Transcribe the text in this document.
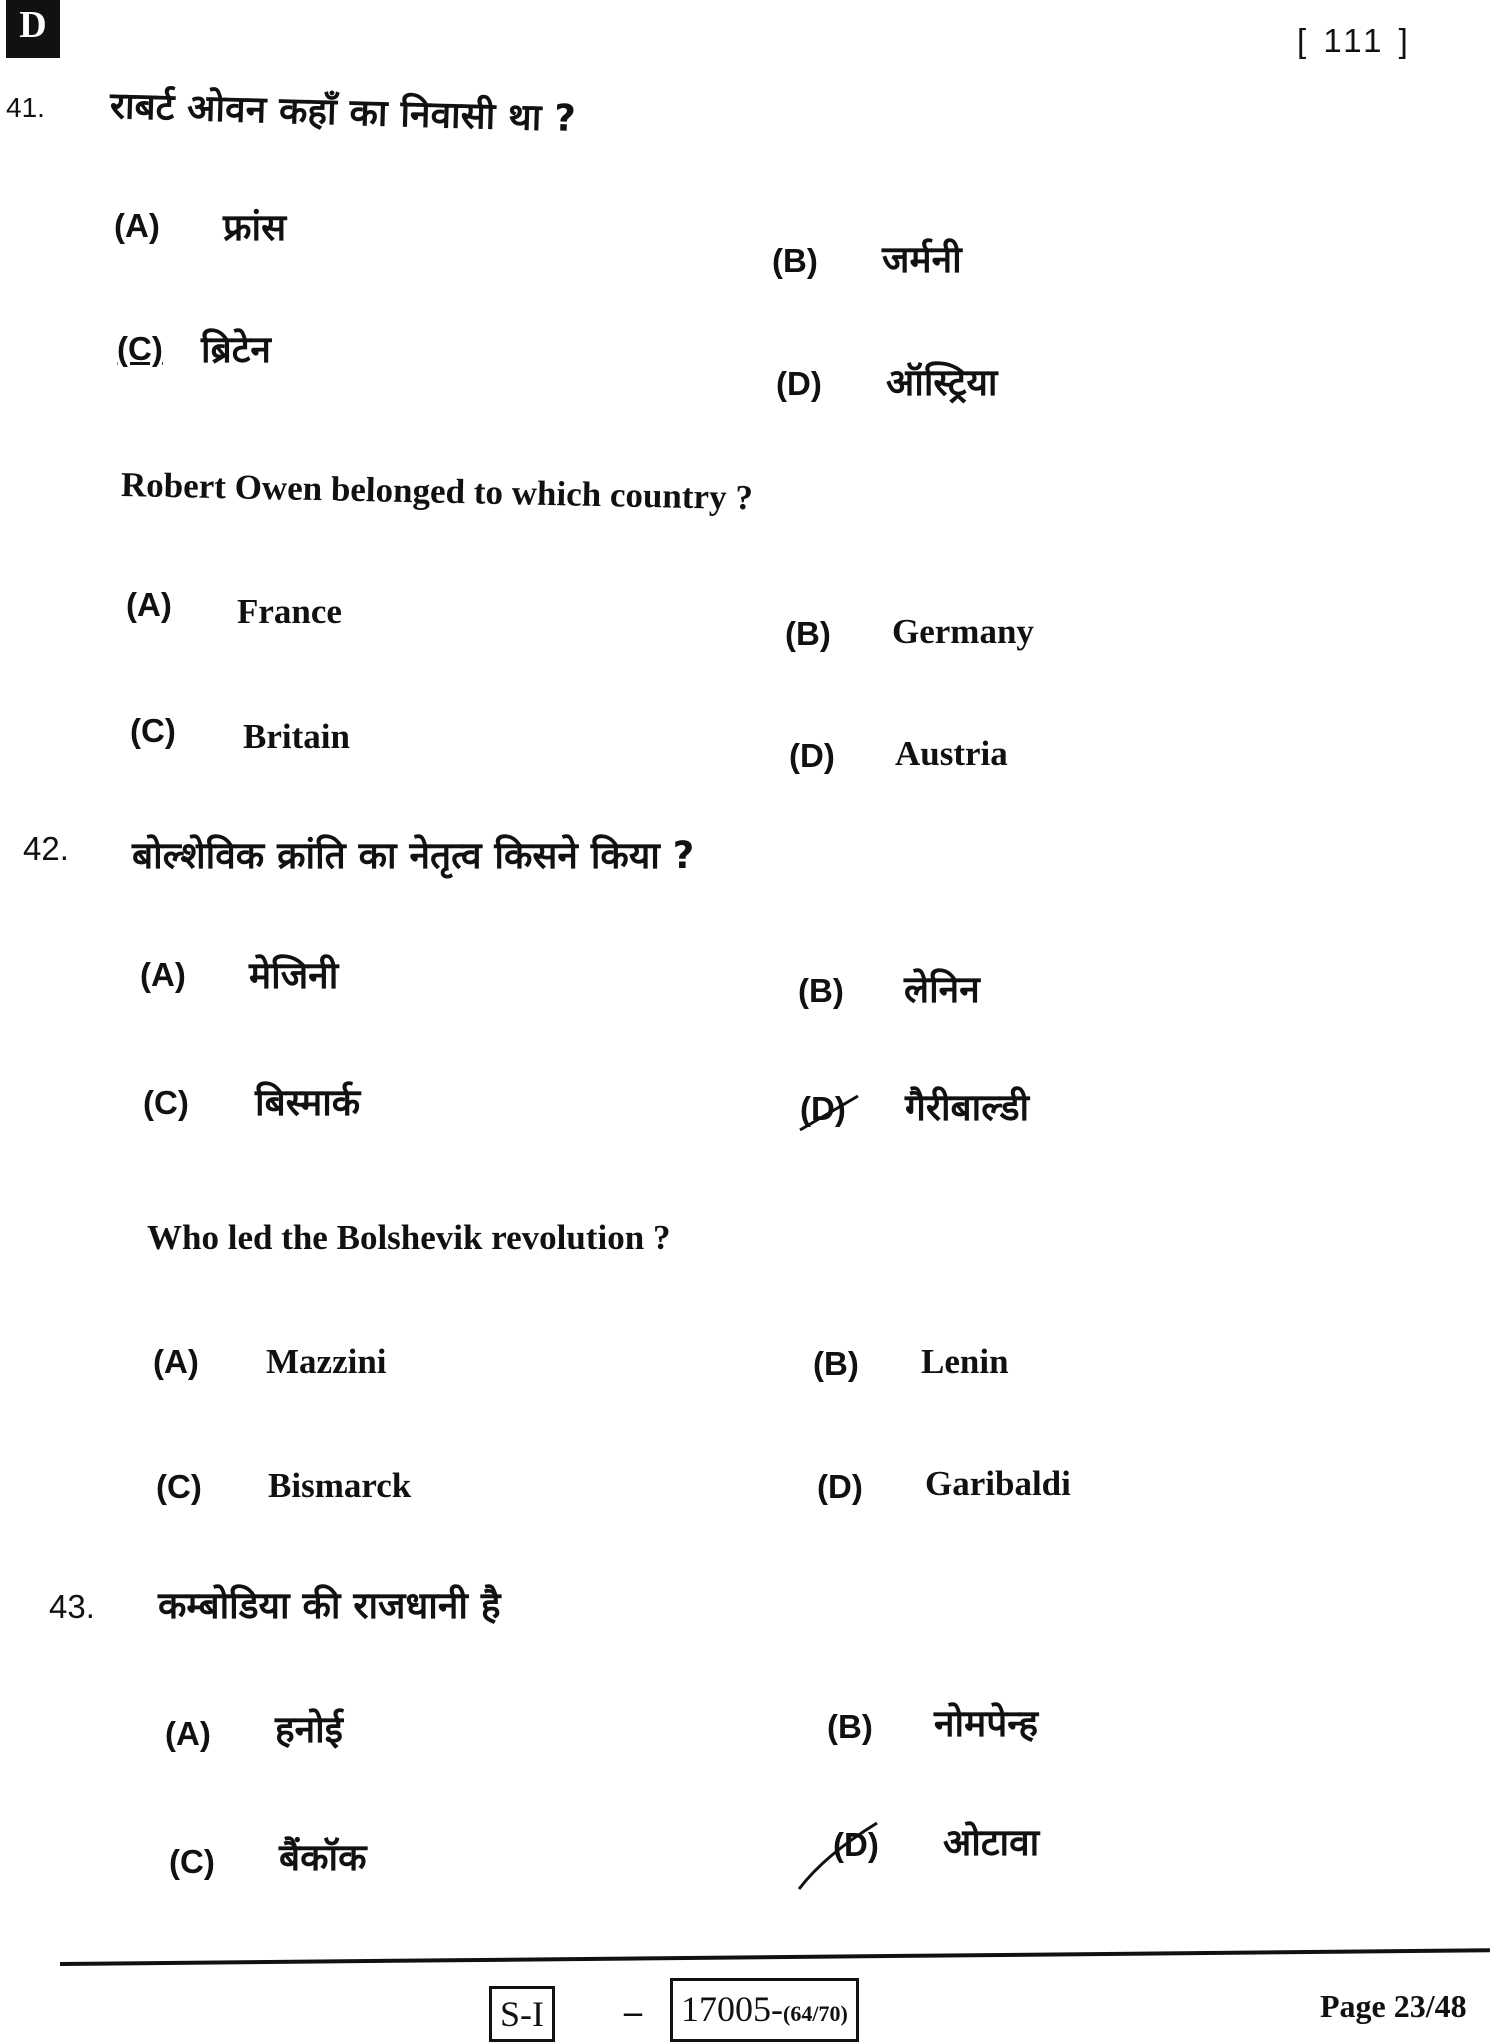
D	[ 111 ]
41. राबर्ट ओवन कहाँ का निवासी था ?
(A) फ्रांस
(B) जर्मनी
(C) ब्रिटेन
(D) ऑस्ट्रिया
Robert Owen belonged to which country ?
(A) France
(B) Germany
(C) Britain	(D) Austria
42. बोल्शेविक क्रांति का नेतृत्व किसने किया ?
(A) मेजिनी	(B) लेनिन
(C) बिस्मार्क	(D) गैरीबाल्डी
Who led the Bolshevik revolution ?
(A) Mazzini	(B) Lenin
(C) Bismarck	(D) Garibaldi
43. कम्बोडिया की राजधानी है
(A) हनोई	(B) नोमपेन्ह
(C) बैंकॉक	(D) ओटावा
S-I	–	17005-(64/70)	Page 23/48
